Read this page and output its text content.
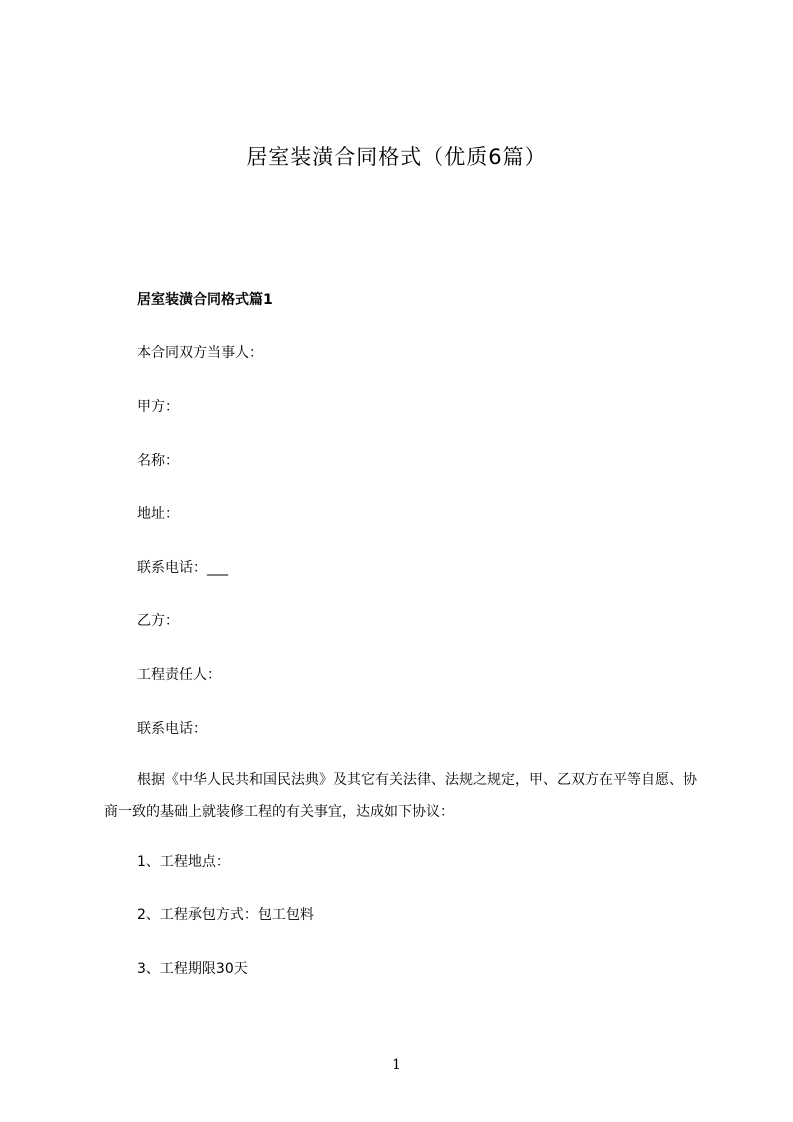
居室装潢合同格式（优质6篇）
居室装潢合同格式篇1
本合同双方当事人：
甲方：
名称：
地址：
联系电话：___
乙方：
工程责任人：
联系电话：
根据《中华人民共和国民法典》及其它有关法律、法规之规定，甲、乙双方在平等自愿、协商一致的基础上就装修工程的有关事宜，达成如下协议：
1、工程地点：
2、工程承包方式：包工包料
3、工程期限30天
1
